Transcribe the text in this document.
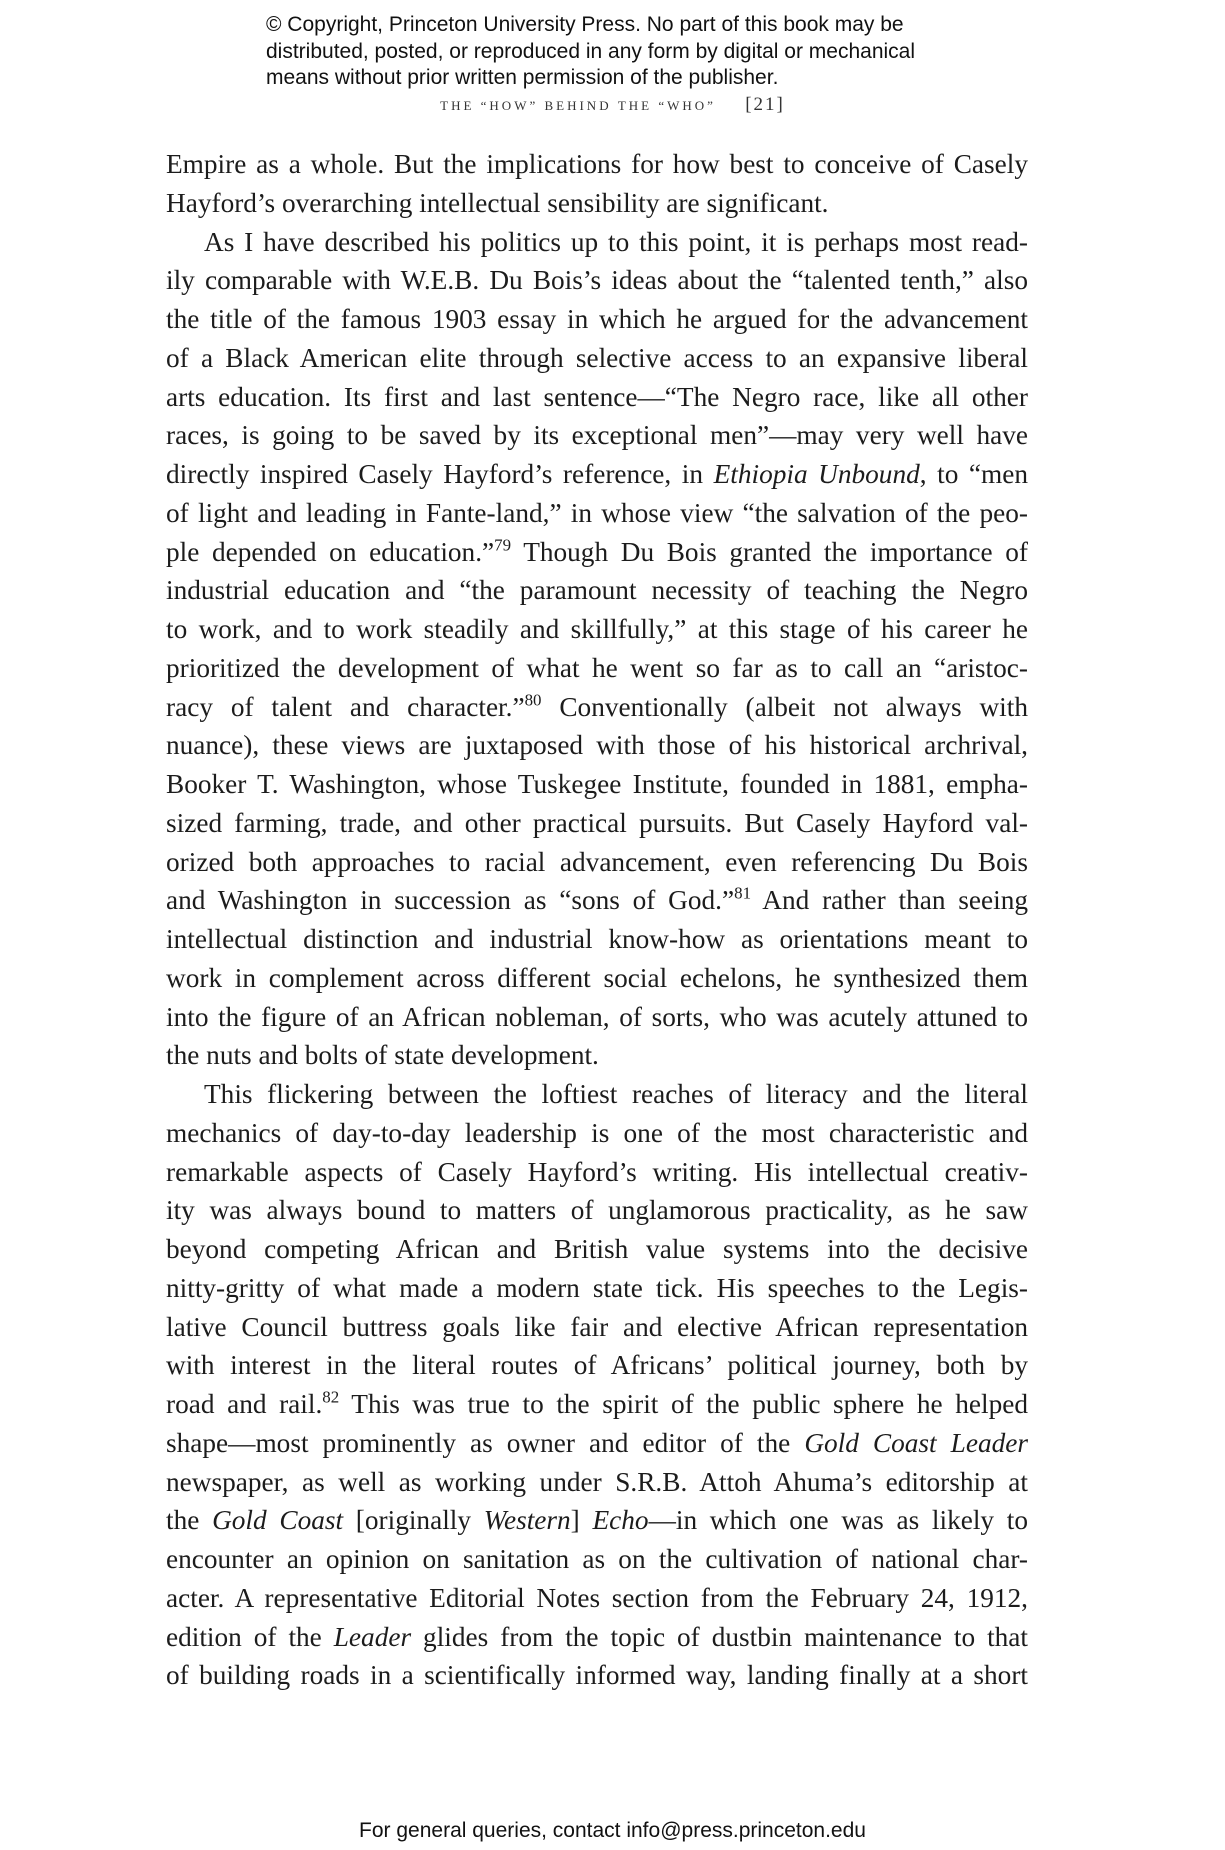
© Copyright, Princeton University Press. No part of this book may be
distributed, posted, or reproduced in any form by digital or mechanical
means without prior written permission of the publisher.
the “how” behind the “who” [21]
Empire as a whole. But the implications for how best to conceive of Casely
Hayford’s overarching intellectual sensibility are significant.
As I have described his politics up to this point, it is perhaps most read-
ily comparable with W.E.B. Du Bois’s ideas about the “talented tenth,” also
the title of the famous 1903 essay in which he argued for the advancement
of a Black American elite through selective access to an expansive liberal
arts education. Its first and last sentence—“The Negro race, like all other
races, is going to be saved by its exceptional men”—may very well have
directly inspired Casely Hayford’s reference, in Ethiopia Unbound, to “men
of light and leading in Fante-land,” in whose view “the salvation of the peo-
ple depended on education.”$^{79}$ Though Du Bois granted the importance of
industrial education and “the paramount necessity of teaching the Negro
to work, and to work steadily and skillfully,” at this stage of his career he
prioritized the development of what he went so far as to call an “aristoc-
racy of talent and character.”$^{80}$ Conventionally (albeit not always with
nuance), these views are juxtaposed with those of his historical archrival,
Booker T. Washington, whose Tuskegee Institute, founded in 1881, empha-
sized farming, trade, and other practical pursuits. But Casely Hayford val-
orized both approaches to racial advancement, even referencing Du Bois
and Washington in succession as “sons of God.”$^{81}$ And rather than seeing
intellectual distinction and industrial know-how as orientations meant to
work in complement across different social echelons, he synthesized them
into the figure of an African nobleman, of sorts, who was acutely attuned to
the nuts and bolts of state development.
This flickering between the loftiest reaches of literacy and the literal
mechanics of day-to-day leadership is one of the most characteristic and
remarkable aspects of Casely Hayford’s writing. His intellectual creativ-
ity was always bound to matters of unglamorous practicality, as he saw
beyond competing African and British value systems into the decisive
nitty-gritty of what made a modern state tick. His speeches to the Legis-
lative Council buttress goals like fair and elective African representation
with interest in the literal routes of Africans’ political journey, both by
road and rail.$^{82}$ This was true to the spirit of the public sphere he helped
shape—most prominently as owner and editor of the Gold Coast Leader
newspaper, as well as working under S.R.B. Attoh Ahuma’s editorship at
the Gold Coast [originally Western] Echo—in which one was as likely to
encounter an opinion on sanitation as on the cultivation of national char-
acter. A representative Editorial Notes section from the February 24, 1912,
edition of the Leader glides from the topic of dustbin maintenance to that
of building roads in a scientifically informed way, landing finally at a short
For general queries, contact info@press.princeton.edu
